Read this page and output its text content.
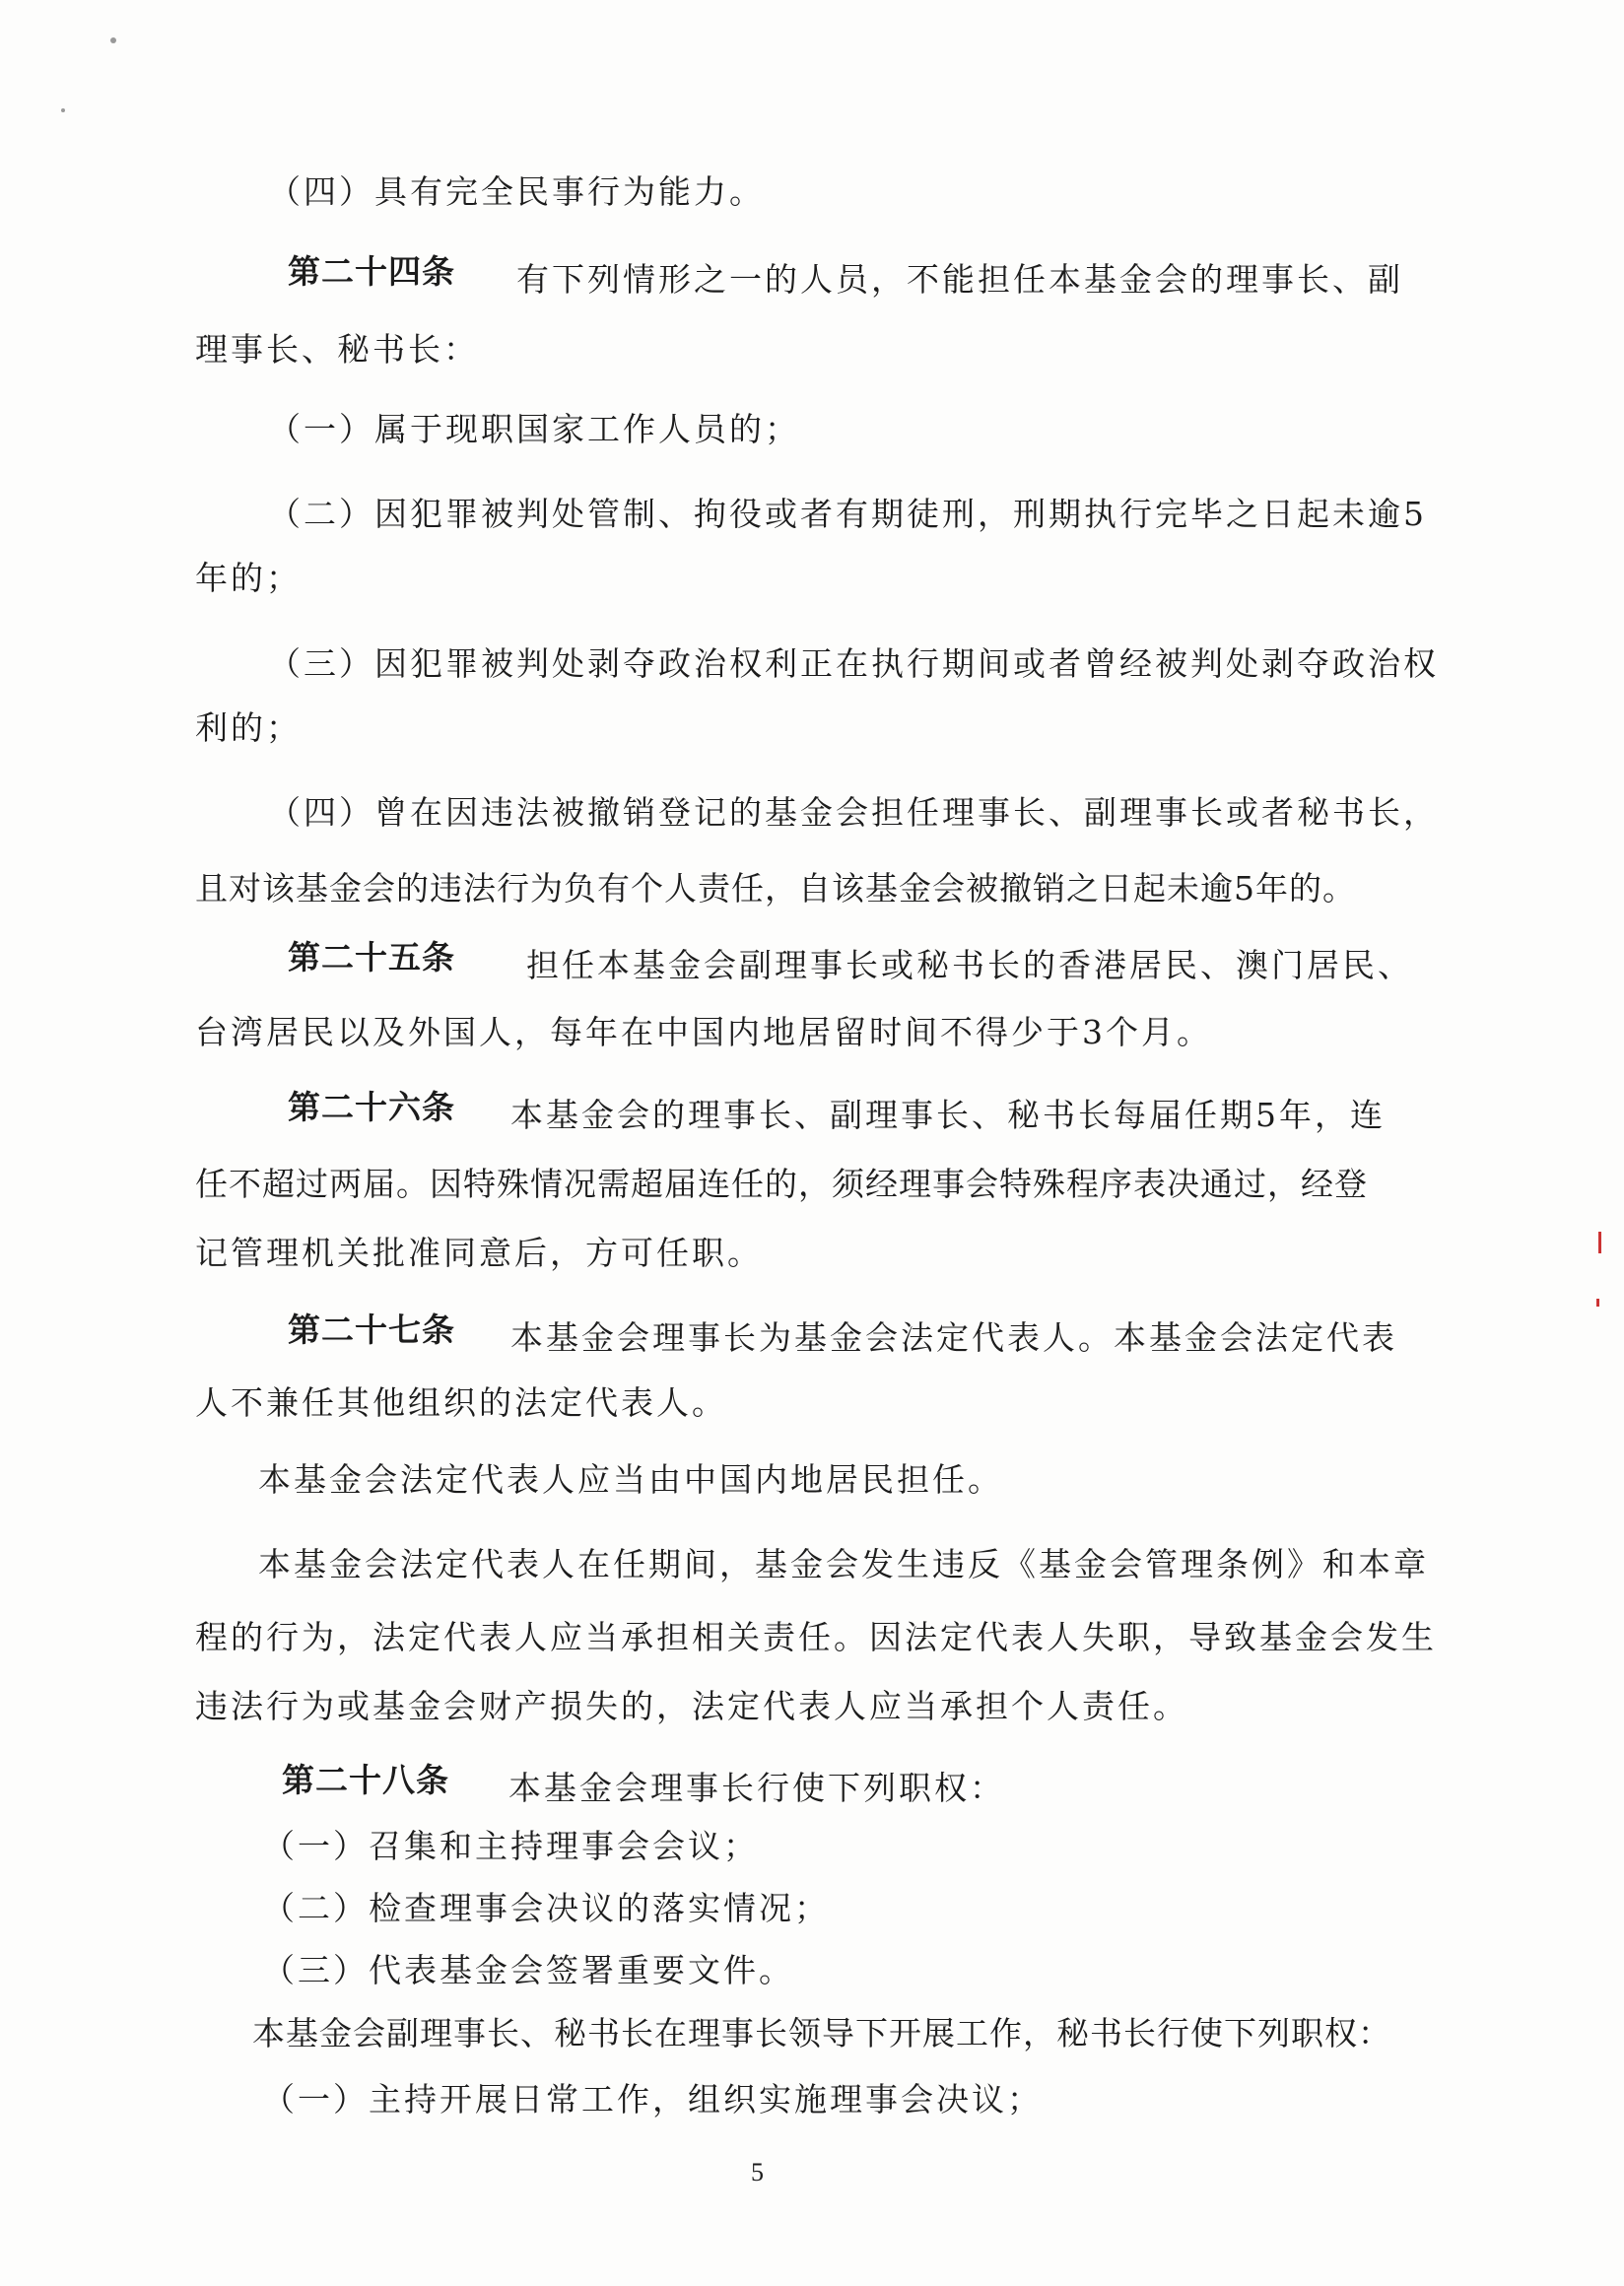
（四）具有完全民事行为能力。
第二十四条 有下列情形之一的人员，不能担任本基金会的理事长、副
理事长、秘书长：
（一）属于现职国家工作人员的；
（二）因犯罪被判处管制、拘役或者有期徒刑，刑期执行完毕之日起未逾5
年的；
（三）因犯罪被判处剥夺政治权利正在执行期间或者曾经被判处剥夺政治权
利的；
（四）曾在因违法被撤销登记的基金会担任理事长、副理事长或者秘书长，
且对该基金会的违法行为负有个人责任，自该基金会被撤销之日起未逾5年的。
第二十五条 担任本基金会副理事长或秘书长的香港居民、澳门居民、
台湾居民以及外国人，每年在中国内地居留时间不得少于3个月。
第二十六条 本基金会的理事长、副理事长、秘书长每届任期5年，连
任不超过两届。因特殊情况需超届连任的，须经理事会特殊程序表决通过，经登
记管理机关批准同意后，方可任职。
第二十七条 本基金会理事长为基金会法定代表人。本基金会法定代表
人不兼任其他组织的法定代表人。
本基金会法定代表人应当由中国内地居民担任。
本基金会法定代表人在任期间，基金会发生违反《基金会管理条例》和本章
程的行为，法定代表人应当承担相关责任。因法定代表人失职，导致基金会发生
违法行为或基金会财产损失的，法定代表人应当承担个人责任。
第二十八条 本基金会理事长行使下列职权：
（一）召集和主持理事会会议；
（二）检查理事会决议的落实情况；
（三）代表基金会签署重要文件。
本基金会副理事长、秘书长在理事长领导下开展工作，秘书长行使下列职权：
（一）主持开展日常工作，组织实施理事会决议；
5
